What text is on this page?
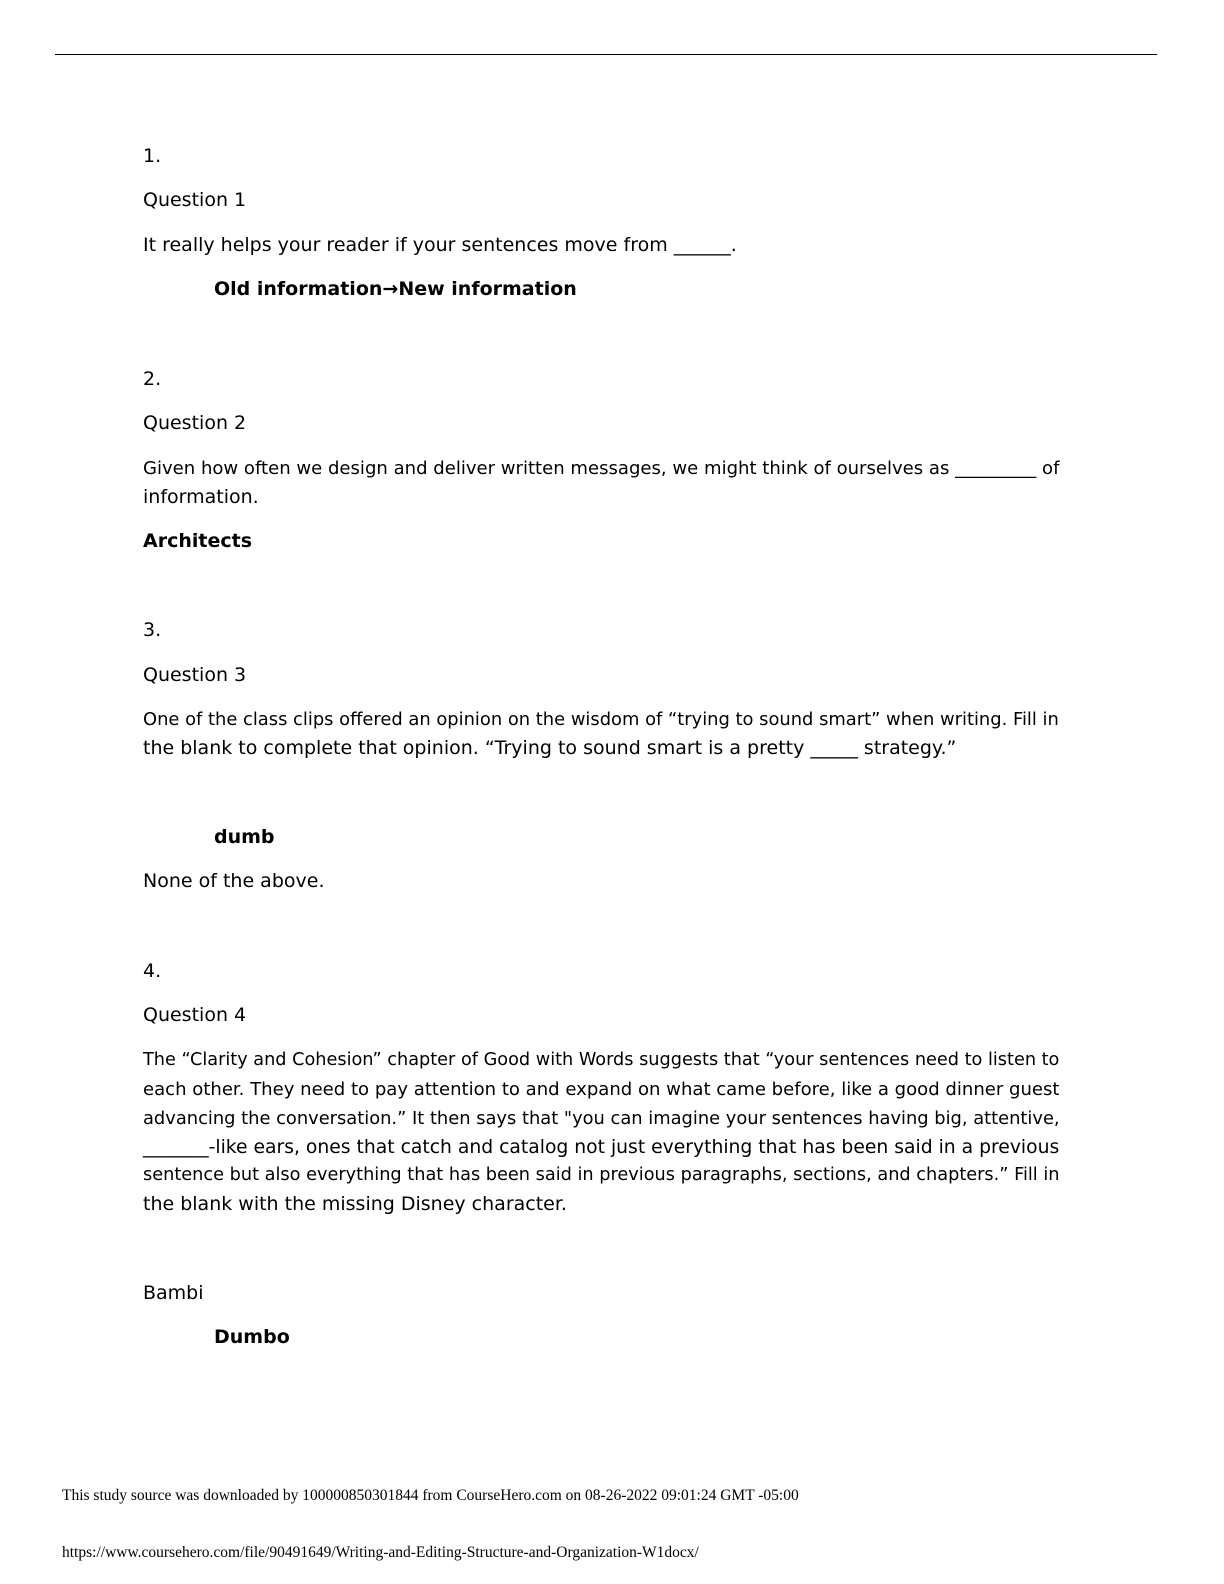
1.

Question 1

It really helps your reader if your sentences move from ______.

Old information→New information

2.

Question 2

Given how often we design and deliver written messages, we might think of ourselves as _________ of

information.

Architects

3.

Question 3

One of the class clips offered an opinion on the wisdom of “trying to sound smart” when writing. Fill in

the blank to complete that opinion. “Trying to sound smart is a pretty _____ strategy.”

dumb

None of the above.

4.

Question 4

The “Clarity and Cohesion” chapter of Good with Words suggests that “your sentences need to listen to

each other. They need to pay attention to and expand on what came before, like a good dinner guest

advancing the conversation.” It then says that "you can imagine your sentences having big, attentive,

_______-like ears, ones that catch and catalog not just everything that has been said in a previous

sentence but also everything that has been said in previous paragraphs, sections, and chapters.” Fill in

the blank with the missing Disney character.

Bambi

Dumbo

This study source was downloaded by 100000850301844 from CourseHero.com on 08-26-2022 09:01:24 GMT -05:00
https://www.coursehero.com/file/90491649/Writing-and-Editing-Structure-and-Organization-W1docx/
